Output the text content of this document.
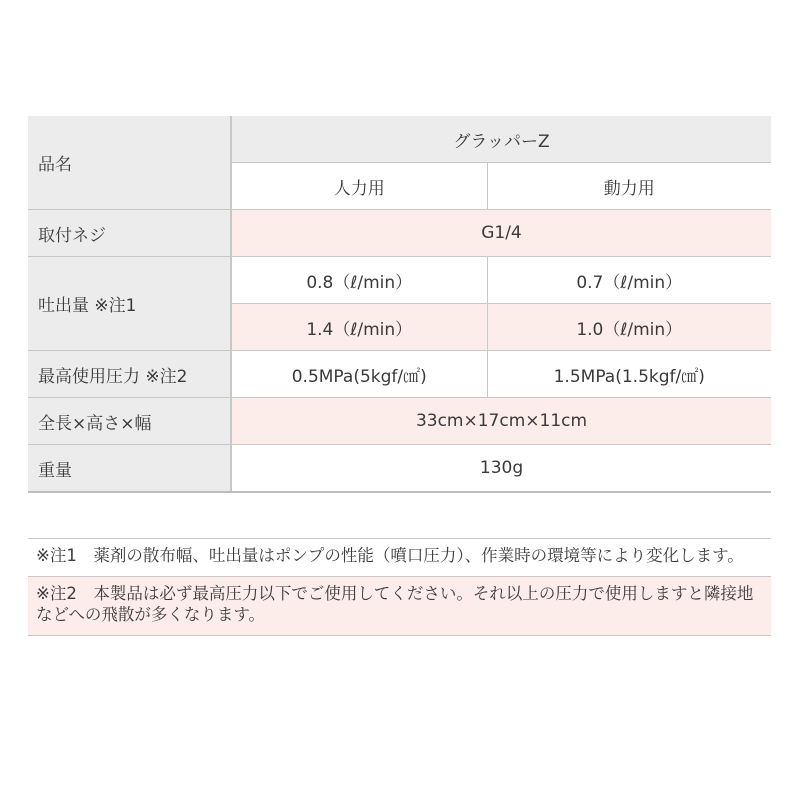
品名	グラッパーZ	
	人力用	動力用
取付ネジ	G1/4	
吐出量 ※注1	0.8（ℓ/min）	0.7（ℓ/min）
	1.4（ℓ/min）	1.0（ℓ/min）
最高使用圧力 ※注2	0.5MPa(5kgf/㎠)	1.5MPa(1.5kgf/㎠)
全長×高さ×幅	33cm×17cm×11cm	
重量	130g	
※注1　薬剤の散布幅、吐出量はポンプの性能（噴口圧力）、作業時の環境等により変化します。
※注2　本製品は必ず最高圧力以下でご使用してください。それ以上の圧力で使用しますと隣接地などへの飛散が多くなります。
